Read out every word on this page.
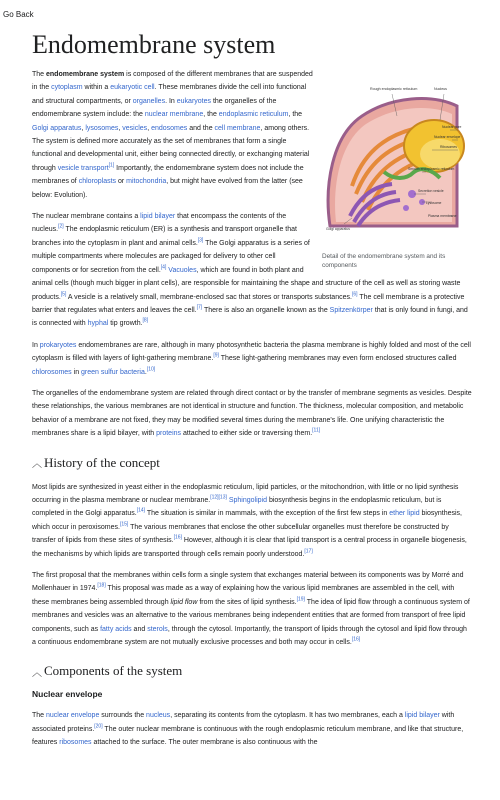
Go Back
Endomembrane system
Rough endoplasmic reticulum	Nucleus
Nuclear pore
Nuclear envelope
Ribosomes
Smooth endoplasmic reticulum
Secretion vesicle
Lysosome
Plasma membrane
Golgi apparatus
Detail of the endomembrane system and its components

The endomembrane system is composed of the different membranes that are suspended in the cytoplasm within a eukaryotic cell. These membranes divide the cell into functional and structural compartments, or organelles. In eukaryotes the organelles of the endomembrane system include: the nuclear membrane, the endoplasmic reticulum, the Golgi apparatus, lysosomes, vesicles, endosomes and the cell membrane, among others. The system is defined more accurately as the set of membranes that form a single functional and developmental unit, either being connected directly, or exchanging material through vesicle transport[1] Importantly, the endomembrane system does not include the membranes of chloroplasts or mitochondria, but might have evolved from the latter (see below: Evolution).

The nuclear membrane contains a lipid bilayer that encompass the contents of the nucleus.[2] The endoplasmic reticulum (ER) is a synthesis and transport organelle that branches into the cytoplasm in plant and animal cells.[3] The Golgi apparatus is a series of multiple compartments where molecules are packaged for delivery to other cell components or for secretion from the cell.[4] Vacuoles, which are found in both plant and animal cells (though much bigger in plant cells), are responsible for maintaining the shape and structure of the cell as well as storing waste products.[5] A vesicle is a relatively small, membrane-enclosed sac that stores or transports substances.[6] The cell membrane is a protective barrier that regulates what enters and leaves the cell.[7] There is also an organelle known as the Spitzenkörper that is only found in fungi, and is connected with hyphal tip growth.[8]

In prokaryotes endomembranes are rare, although in many photosynthetic bacteria the plasma membrane is highly folded and most of the cell cytoplasm is filled with layers of light-gathering membrane.[9] These light-gathering membranes may even form enclosed structures called chlorosomes in green sulfur bacteria.[10]

The organelles of the endomembrane system are related through direct contact or by the transfer of membrane segments as vesicles. Despite these relationships, the various membranes are not identical in structure and function. The thickness, molecular composition, and metabolic behavior of a membrane are not fixed, they may be modified several times during the membrane's life. One unifying characteristic the membranes share is a lipid bilayer, with proteins attached to either side or traversing them.[11]

︿ History of the concept

Most lipids are synthesized in yeast either in the endoplasmic reticulum, lipid particles, or the mitochondrion, with little or no lipid synthesis occurring in the plasma membrane or nuclear membrane.[12][13] Sphingolipid biosynthesis begins in the endoplasmic reticulum, but is completed in the Golgi apparatus.[14] The situation is similar in mammals, with the exception of the first few steps in ether lipid biosynthesis, which occur in peroxisomes.[15] The various membranes that enclose the other subcellular organelles must therefore be constructed by transfer of lipids from these sites of synthesis.[16] However, although it is clear that lipid transport is a central process in organelle biogenesis, the mechanisms by which lipids are transported through cells remain poorly understood.[17]

The first proposal that the membranes within cells form a single system that exchanges material between its components was by Morré and Mollenhauer in 1974.[18] This proposal was made as a way of explaining how the various lipid membranes are assembled in the cell, with these membranes being assembled through lipid flow from the sites of lipid synthesis.[19] The idea of lipid flow through a continuous system of membranes and vesicles was an alternative to the various membranes being independent entities that are formed from transport of free lipid components, such as fatty acids and sterols, through the cytosol. Importantly, the transport of lipids through the cytosol and lipid flow through a continuous endomembrane system are not mutually exclusive processes and both may occur in cells.[16]

︿ Components of the system
Nuclear envelope

The nuclear envelope surrounds the nucleus, separating its contents from the cytoplasm. It has two membranes, each a lipid bilayer with associated proteins.[20] The outer nuclear membrane is continuous with the rough endoplasmic reticulum membrane, and like that structure, features ribosomes attached to the surface. The outer membrane is also continuous with the
